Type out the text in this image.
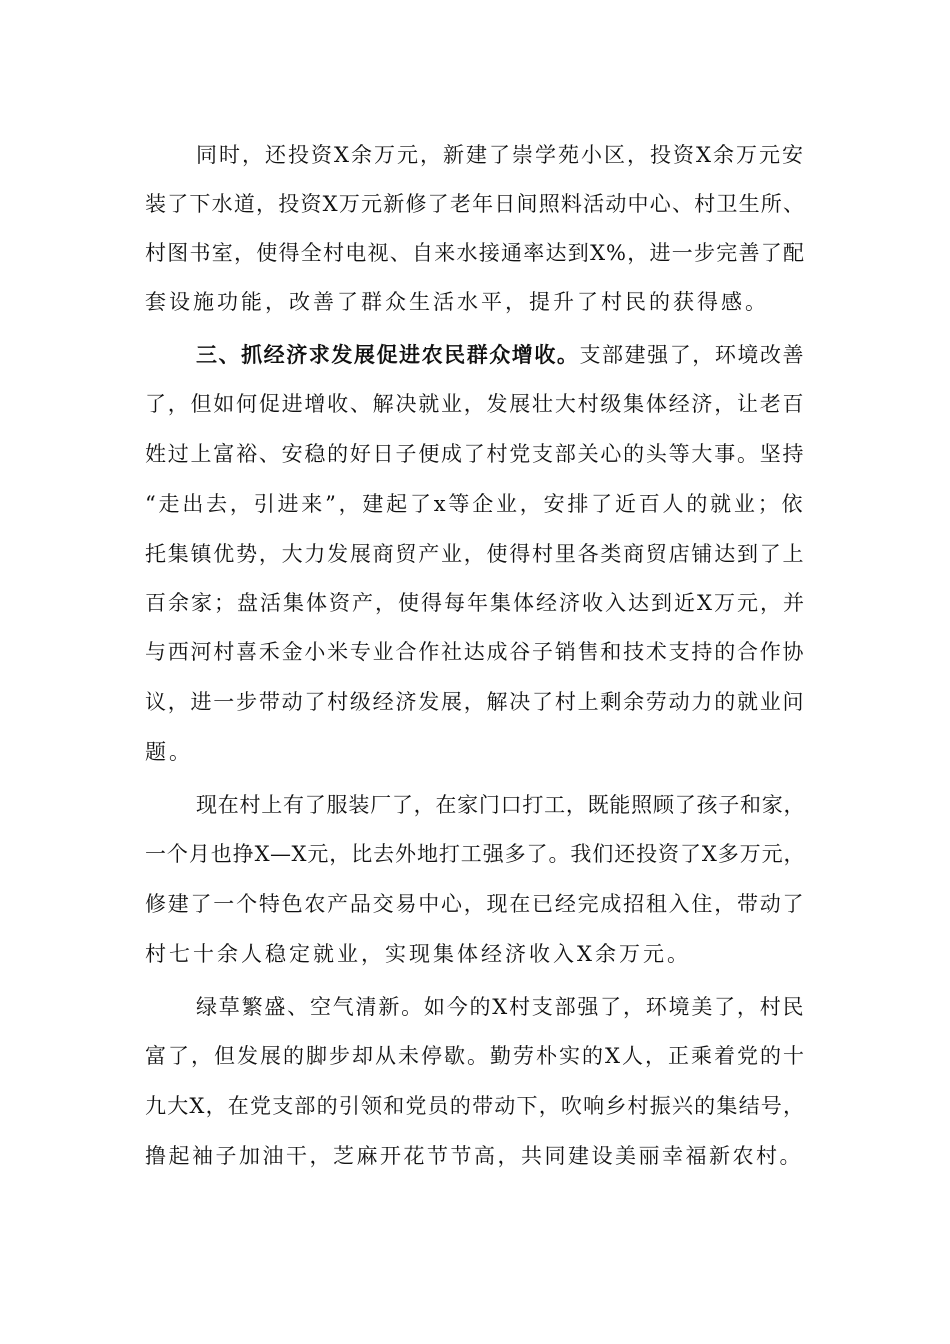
同时，还投资X余万元，新建了崇学苑小区，投资X余万元安
装了下水道，投资X万元新修了老年日间照料活动中心、村卫生所、
村图书室，使得全村电视、自来水接通率达到X%，进一步完善了配
套设施功能，改善了群众生活水平，提升了村民的获得感。
三、抓经济求发展促进农民群众增收。支部建强了，环境改善
了，但如何促进增收、解决就业，发展壮大村级集体经济，让老百
姓过上富裕、安稳的好日子便成了村党支部关心的头等大事。坚持
“走出去，引进来”，建起了x等企业，安排了近百人的就业；依
托集镇优势，大力发展商贸产业，使得村里各类商贸店铺达到了上
百余家；盘活集体资产，使得每年集体经济收入达到近X万元，并
与西河村喜禾金小米专业合作社达成谷子销售和技术支持的合作协
议，进一步带动了村级经济发展，解决了村上剩余劳动力的就业问
题。
现在村上有了服装厂了，在家门口打工，既能照顾了孩子和家，
一个月也挣X—X元，比去外地打工强多了。我们还投资了X多万元，
修建了一个特色农产品交易中心，现在已经完成招租入住，带动了
村七十余人稳定就业，实现集体经济收入X余万元。
绿草繁盛、空气清新。如今的X村支部强了，环境美了，村民
富了，但发展的脚步却从未停歇。勤劳朴实的X人，正乘着党的十
九大X，在党支部的引领和党员的带动下，吹响乡村振兴的集结号，
撸起袖子加油干，芝麻开花节节高，共同建设美丽幸福新农村。
